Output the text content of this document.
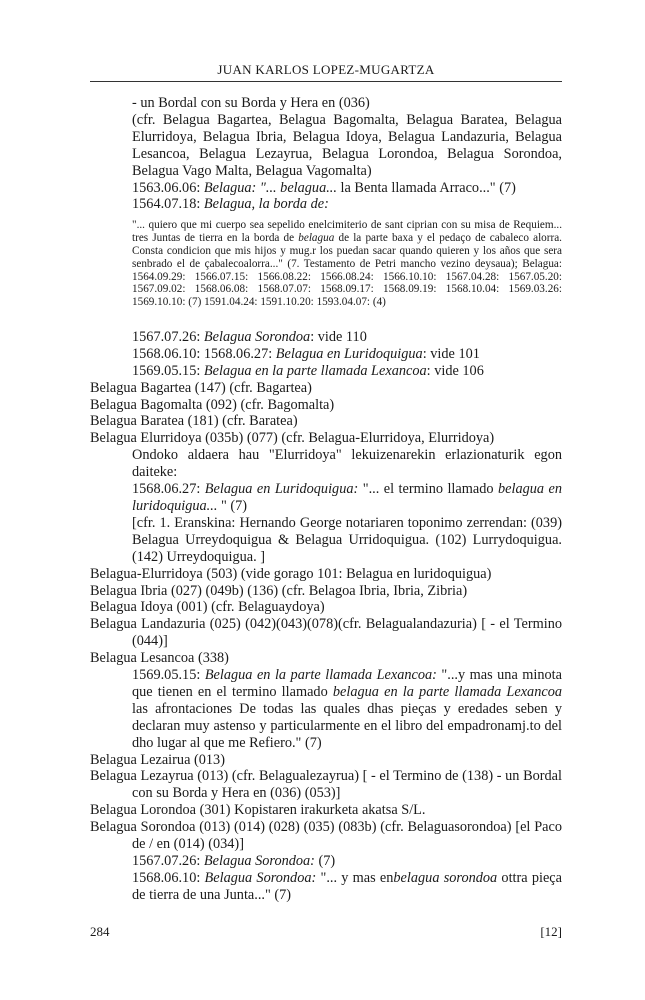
JUAN KARLOS LOPEZ-MUGARTZA

- un Bordal con su Borda y Hera en (036)

(cfr. Belagua Bagartea, Belagua Bagomalta, Belagua Baratea, Belagua Elurridoya, Belagua Ibria, Belagua Idoya, Belagua Landazuria, Belagua Lesancoa, Belagua Lezayrua, Belagua Lorondoa, Belagua Sorondoa, Belagua Vago Malta, Belagua Vagomalta)

1563.06.06: Belagua: "... belagua... la Benta llamada Arraco..." (7)

1564.07.18: Belagua, la borda de:

"... quiero que mi cuerpo sea sepelido enelcimiterio de sant ciprian con su misa de Requiem... tres Juntas de tierra en la borda de belagua de la parte baxa y el pedaço de cabaleco alorra. Consta condicion que mis hijos y mug.r los puedan sacar quando quieren y los años que sera senbrado el de çabalecoalorra..." (7. Testamento de Petri mancho vezino deysaua); Belagua: 1564.09.29: 1566.07.15: 1566.08.22: 1566.08.24: 1566.10.10: 1567.04.28: 1567.05.20: 1567.09.02: 1568.06.08: 1568.07.07: 1568.09.17: 1568.09.19: 1568.10.04: 1569.03.26: 1569.10.10: (7) 1591.04.24: 1591.10.20: 1593.04.07: (4)

1567.07.26: Belagua Sorondoa: vide 110

1568.06.10: 1568.06.27: Belagua en Luridoquigua: vide 101

1569.05.15: Belagua en la parte llamada Lexancoa: vide 106

Belagua Bagartea (147) (cfr. Bagartea)

Belagua Bagomalta (092) (cfr. Bagomalta)

Belagua Baratea (181) (cfr. Baratea)

Belagua Elurridoya (035b) (077) (cfr. Belagua-Elurridoya, Elurridoya)

Ondoko aldaera hau "Elurridoya" lekuizenarekin erlazionaturik egon daiteke:

1568.06.27: Belagua en Luridoquigua: "... el termino llamado belagua en luridoquigua... " (7)

[cfr. 1. Eranskina: Hernando George notariaren toponimo zerrendan: (039) Belagua Urreydoquigua & Belagua Urridoquigua. (102) Lurrydoquigua. (142) Urreydoquigua. ]

Belagua-Elurridoya (503) (vide gorago 101: Belagua en luridoquigua)

Belagua Ibria (027) (049b) (136) (cfr. Belagoa Ibria, Ibria, Zibria)

Belagua Idoya (001) (cfr. Belaguaydoya)

Belagua Landazuria (025) (042)(043)(078)(cfr. Belagualandazuria) [ - el Termino (044)]

Belagua Lesancoa (338)

1569.05.15: Belagua en la parte llamada Lexancoa: "...y mas una minota que tienen en el termino llamado belagua en la parte llamada Lexancoa las afrontaciones De todas las quales dhas pieças y eredades seben y declaran muy astenso y particularmente en el libro del empadronamj.to del dho lugar al que me Refiero." (7)

Belagua Lezairua (013)

Belagua Lezayrua (013) (cfr. Belagualezayrua) [ - el Termino de (138) - un Bordal con su Borda y Hera en (036) (053)]

Belagua Lorondoa (301) Kopistaren irakurketa akatsa S/L.

Belagua Sorondoa (013) (014) (028) (035) (083b) (cfr. Belaguasorondoa) [el Paco de / en (014) (034)]

1567.07.26: Belagua Sorondoa: (7)

1568.06.10: Belagua Sorondoa: "... y mas enbelagua sorondoa ottra pieça de tierra de una Junta..." (7)

284	[12]
